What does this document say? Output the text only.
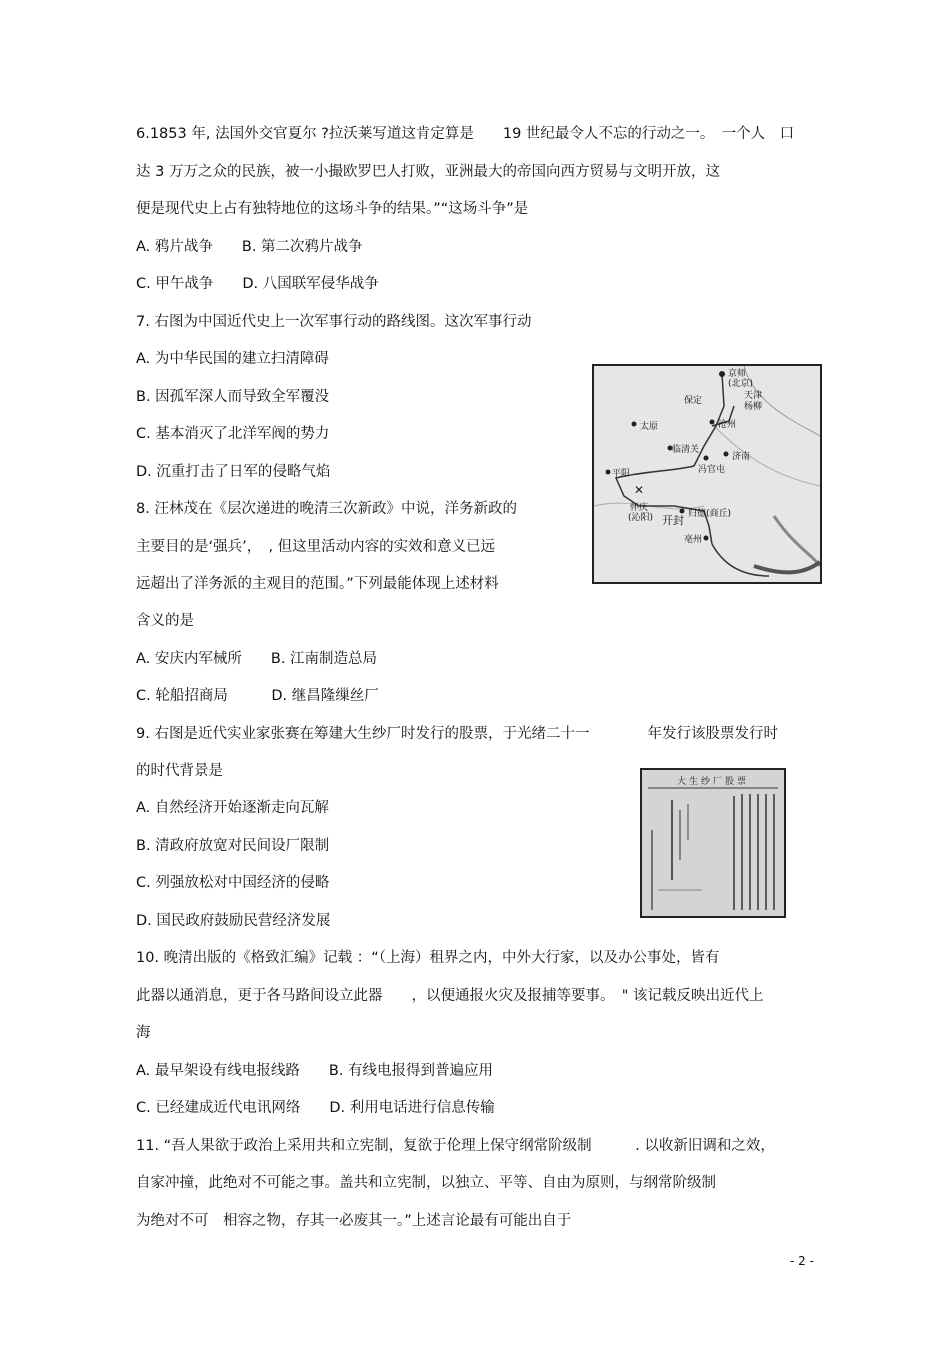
6.1853 年, 法国外交官夏尔 ?拉沃莱写道这肯定算是　　19 世纪最令人不忘的行动之一。　一个人　口
达 3 万万之众的民族，被一小撮欧罗巴人打败，亚洲最大的帝国向西方贸易与文明开放，这
便是现代史上占有独特地位的这场斗争的结果。”“这场斗争”是
A. 鸦片战争　　B. 第二次鸦片战争
C. 甲午战争　　D. 八国联军侵华战争
7. 右图为中国近代史上一次军事行动的路线图。这次军事行动
A. 为中华民国的建立扫清障碍
B. 因孤军深人而导致全军覆没
C. 基本消灭了北洋军阀的势力
D. 沉重打击了日军的侵略气焰
8. 汪林茂在《层次递进的晚清三次新政》中说，洋务新政的
主要目的是‘强兵’，　, 但这里活动内容的实效和意义已远
远超出了洋务派的主观目的范围。”下列最能体现上述材料
含义的是
A. 安庆内军械所　　B. 江南制造总局
C. 轮船招商局　　　D. 继昌隆缫丝厂
9. 右图是近代实业家张赛在筹建大生纱厂时发行的股票，于光绪二十一　　　　年发行该股票发行时
的时代背景是
A. 自然经济开始逐渐走向瓦解
B. 清政府放宽对民间设厂限制
C. 列强放松对中国经济的侵略
D. 国民政府鼓励民营经济发展
10. 晚清出版的《格致汇编》记载 ：“（上海）租界之内，中外大行家，以及办公事处，皆有
此器以通消息，更于各马路间设立此器　　，以便通报火灾及报捕等要事。　" 该记载反映出近代上
海
A. 最早架设有线电报线路　　B. 有线电报得到普遍应用
C. 已经建成近代电讯网络　　D. 利用电话进行信息传输
11. “吾人果欲于政治上采用共和立宪制，复欲于伦理上保守纲常阶级制　　　. 以收新旧调和之效，
自家冲撞，此绝对不可能之事。盖共和立宪制，以独立、平等、自由为原则，与纲常阶级制
为绝对不可　相容之物，存其一必废其一。”上述言论最有可能出自于
✕
京师
(北京)
天津
杨柳
保定
太原	沧州
临清关
济南
冯官屯
平阳
怀庆
(沁阳) 开封 归德(商丘)
亳州
大生纱厂股票
- 2 -
